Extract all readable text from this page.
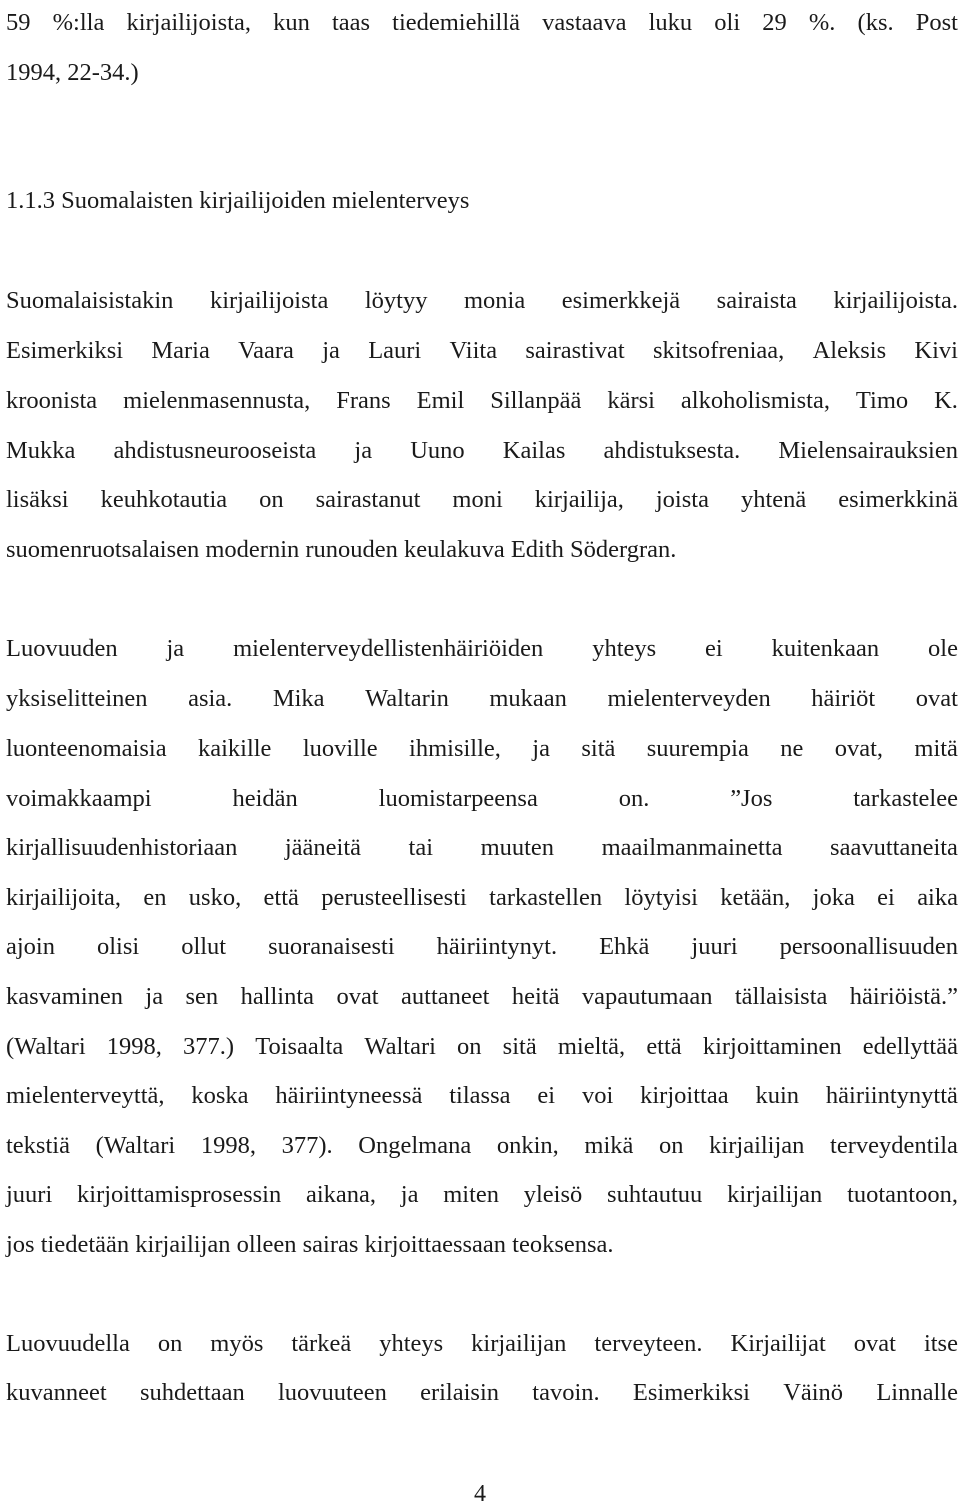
59 %:lla kirjailijoista, kun taas tiedemiehillä vastaava luku oli 29 %. (ks. Post
1994, 22-34.)
1.1.3 Suomalaisten kirjailijoiden mielenterveys
Suomalaisistakin kirjailijoista löytyy monia esimerkkejä sairaista kirjailijoista.
Esimerkiksi Maria Vaara ja Lauri Viita sairastivat skitsofreniaa, Aleksis Kivi
kroonista mielenmasennusta, Frans Emil Sillanpää kärsi alkoholismista, Timo K.
Mukka ahdistusneurooseista ja Uuno Kailas ahdistuksesta. Mielensairauksien
lisäksi keuhkotautia on sairastanut moni kirjailija, joista yhtenä esimerkkinä
suomenruotsalaisen modernin runouden keulakuva Edith Södergran.
Luovuuden ja mielenterveydellistenhäiriöiden yhteys ei kuitenkaan ole
yksiselitteinen asia. Mika Waltarin mukaan mielenterveyden häiriöt ovat
luonteenomaisia kaikille luoville ihmisille, ja sitä suurempia ne ovat, mitä
voimakkaampi	heidän	luomistarpeensa	on.	”Jos	tarkastelee
kirjallisuudenhistoriaan jääneitä tai muuten maailmanmainetta saavuttaneita
kirjailijoita, en usko, että perusteellisesti tarkastellen löytyisi ketään, joka ei aika
ajoin olisi ollut suoranaisesti häiriintynyt. Ehkä juuri persoonallisuuden
kasvaminen ja sen hallinta ovat auttaneet heitä vapautumaan tällaisista häiriöistä.”
(Waltari 1998, 377.) Toisaalta Waltari on sitä mieltä, että kirjoittaminen edellyttää
mielenterveyttä, koska häiriintyneessä tilassa ei voi kirjoittaa kuin häiriintynyttä
tekstiä (Waltari 1998, 377). Ongelmana onkin, mikä on kirjailijan terveydentila
juuri kirjoittamisprosessin aikana, ja miten yleisö suhtautuu kirjailijan tuotantoon,
jos tiedetään kirjailijan olleen sairas kirjoittaessaan teoksensa.
Luovuudella on myös tärkeä yhteys kirjailijan terveyteen. Kirjailijat ovat itse
kuvanneet suhdettaan luovuuteen erilaisin tavoin. Esimerkiksi Väinö Linnalle
4
